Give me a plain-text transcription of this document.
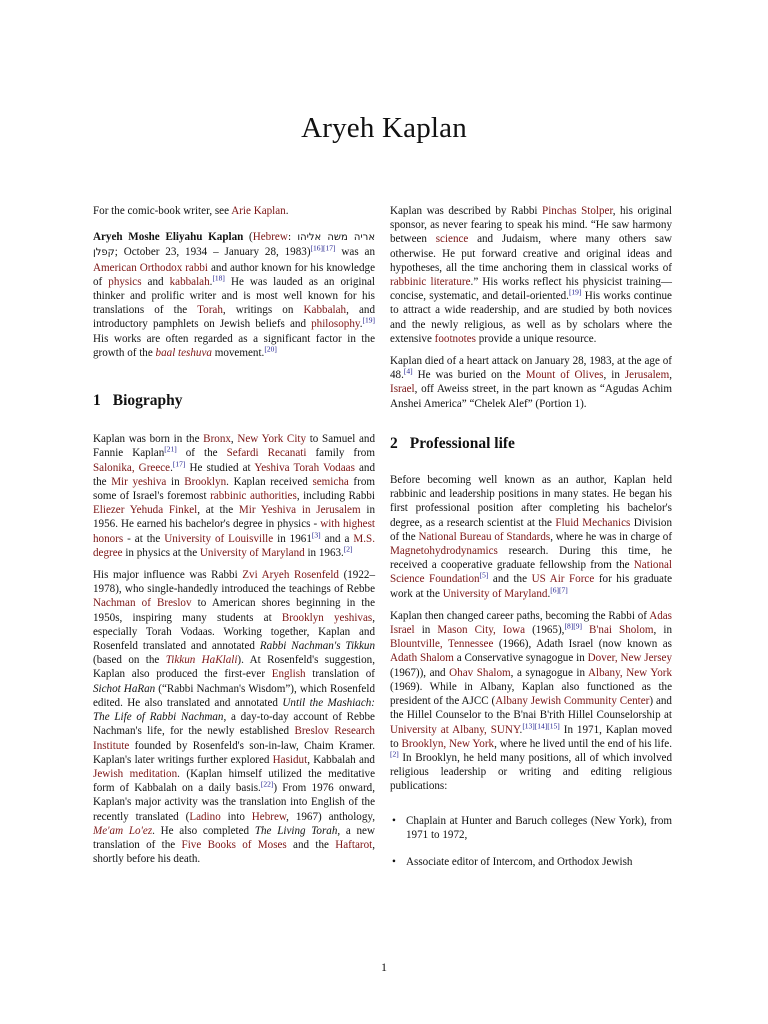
Aryeh Kaplan

For the comic-book writer, see Arie Kaplan.

Aryeh Moshe Eliyahu Kaplan (Hebrew: אריה משה אליהו קפלן; October 23, 1934 – January 28, 1983)[16][17] was an American Orthodox rabbi and author known for his knowledge of physics and kabbalah.[18] He was lauded as an original thinker and prolific writer and is most well known for his translations of the Torah, writings on Kabbalah, and introductory pamphlets on Jewish beliefs and philosophy.[19] His works are often regarded as a significant factor in the growth of the baal teshuva movement.[20]

1 Biography

Kaplan was born in the Bronx, New York City to Samuel and Fannie Kaplan[21] of the Sefardi Recanati family from Salonika, Greece.[17] He studied at Yeshiva Torah Vodaas and the Mir yeshiva in Brooklyn. Kaplan received semicha from some of Israel's foremost rabbinic authorities, including Rabbi Eliezer Yehuda Finkel, at the Mir Yeshiva in Jerusalem in 1956. He earned his bachelor's degree in physics - with highest honors - at the University of Louisville in 1961[3] and a M.S. degree in physics at the University of Maryland in 1963.[2]

His major influence was Rabbi Zvi Aryeh Rosenfeld (1922–1978), who single-handedly introduced the teachings of Rebbe Nachman of Breslov to American shores beginning in the 1950s, inspiring many students at Brooklyn yeshivas, especially Torah Vodaas. Working together, Kaplan and Rosenfeld translated and annotated Rabbi Nachman's Tikkun (based on the Tikkun HaKlali). At Rosenfeld's suggestion, Kaplan also produced the first-ever English translation of Sichot HaRan (“Rabbi Nachman's Wisdom”), which Rosenfeld edited. He also translated and annotated Until the Mashiach: The Life of Rabbi Nachman, a day-to-day account of Rebbe Nachman's life, for the newly established Breslov Research Institute founded by Rosenfeld's son-in-law, Chaim Kramer. Kaplan's later writings further explored Hasidut, Kabbalah and Jewish meditation. (Kaplan himself utilized the meditative form of Kabbalah on a daily basis.[22]) From 1976 onward, Kaplan's major activity was the translation into English of the recently translated (Ladino into Hebrew, 1967) anthology, Me'am Lo'ez. He also completed The Living Torah, a new translation of the Five Books of Moses and the Haftarot, shortly before his death.

Kaplan was described by Rabbi Pinchas Stolper, his original sponsor, as never fearing to speak his mind. “He saw harmony between science and Judaism, where many others saw otherwise. He put forward creative and original ideas and hypotheses, all the time anchoring them in classical works of rabbinic literature.” His works reflect his physicist training—concise, systematic, and detail-oriented.[19] His works continue to attract a wide readership, and are studied by both novices and the newly religious, as well as by scholars where the extensive footnotes provide a unique resource.

Kaplan died of a heart attack on January 28, 1983, at the age of 48.[4] He was buried on the Mount of Olives, in Jerusalem, Israel, off Aweiss street, in the part known as “Agudas Achim Anshei America” “Chelek Alef” (Portion 1).

2 Professional life

Before becoming well known as an author, Kaplan held rabbinic and leadership positions in many states. He began his first professional position after completing his bachelor's degree, as a research scientist at the Fluid Mechanics Division of the National Bureau of Standards, where he was in charge of Magnetohydrodynamics research. During this time, he received a cooperative graduate fellowship from the National Science Foundation[5] and the US Air Force for his graduate work at the University of Maryland.[6][7]

Kaplan then changed career paths, becoming the Rabbi of Adas Israel in Mason City, Iowa (1965),[8][9] B'nai Sholom, in Blountville, Tennessee (1966), Adath Israel (now known as Adath Shalom a Conservative synagogue in Dover, New Jersey (1967)), and Ohav Shalom, a synagogue in Albany, New York (1969). While in Albany, Kaplan also functioned as the president of the AJCC (Albany Jewish Community Center) and the Hillel Counselor to the B'nai B'rith Hillel Counselorship at University at Albany, SUNY.[13][14][15] In 1971, Kaplan moved to Brooklyn, New York, where he lived until the end of his life.[2] In Brooklyn, he held many positions, all of which involved religious leadership or writing and editing religious publications:

• Chaplain at Hunter and Baruch colleges (New York), from 1971 to 1972,
• Associate editor of Intercom, and Orthodox Jewish
1
